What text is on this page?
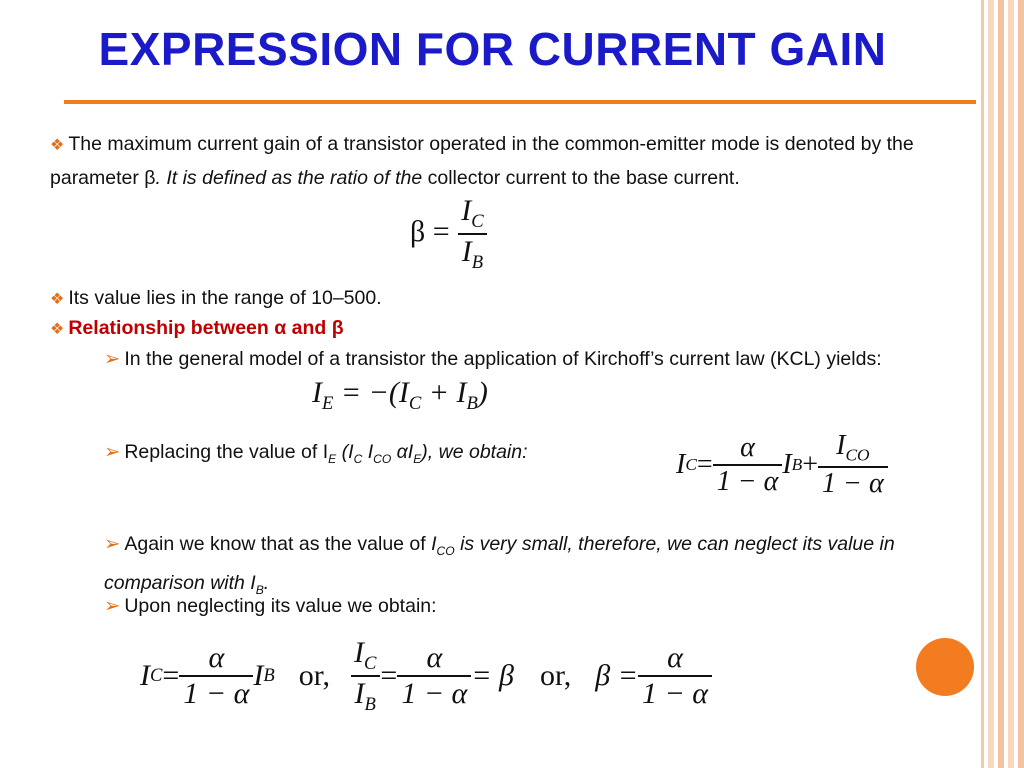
EXPRESSION FOR CURRENT GAIN
❖ The maximum current gain of a transistor operated in the common-emitter mode is denoted by the parameter β. It is defined as the ratio of the collector current to the base current.
$\beta = \frac{I_C}{I_B}$
❖ Its value lies in the range of 10–500.
❖ Relationship between α and β
➢ In the general model of a transistor the application of Kirchoff’s current law (KCL) yields:
$I_E = -(I_C + I_B)$
➢ Replacing the value of $I_E$ ($I_C$ $I_{CO}$ $\alpha I_E$), we obtain:	I $C = \frac{\alpha}{1 - \alpha}$ I $B + \frac{I_{CO}}{1 - \alpha}$
➢ Again we know that as the value of $I_{CO}$ is very small, therefore, we can neglect its value in comparison with $I_B$.
➢ Upon neglecting its value we obtain:
I $C = \frac{\alpha}{1 - \alpha}$ I B or, $\frac{I_C}{I_B} = \frac{\alpha}{1 - \alpha} = \beta$ or, $\beta = \frac{\alpha}{1 - \alpha}$
